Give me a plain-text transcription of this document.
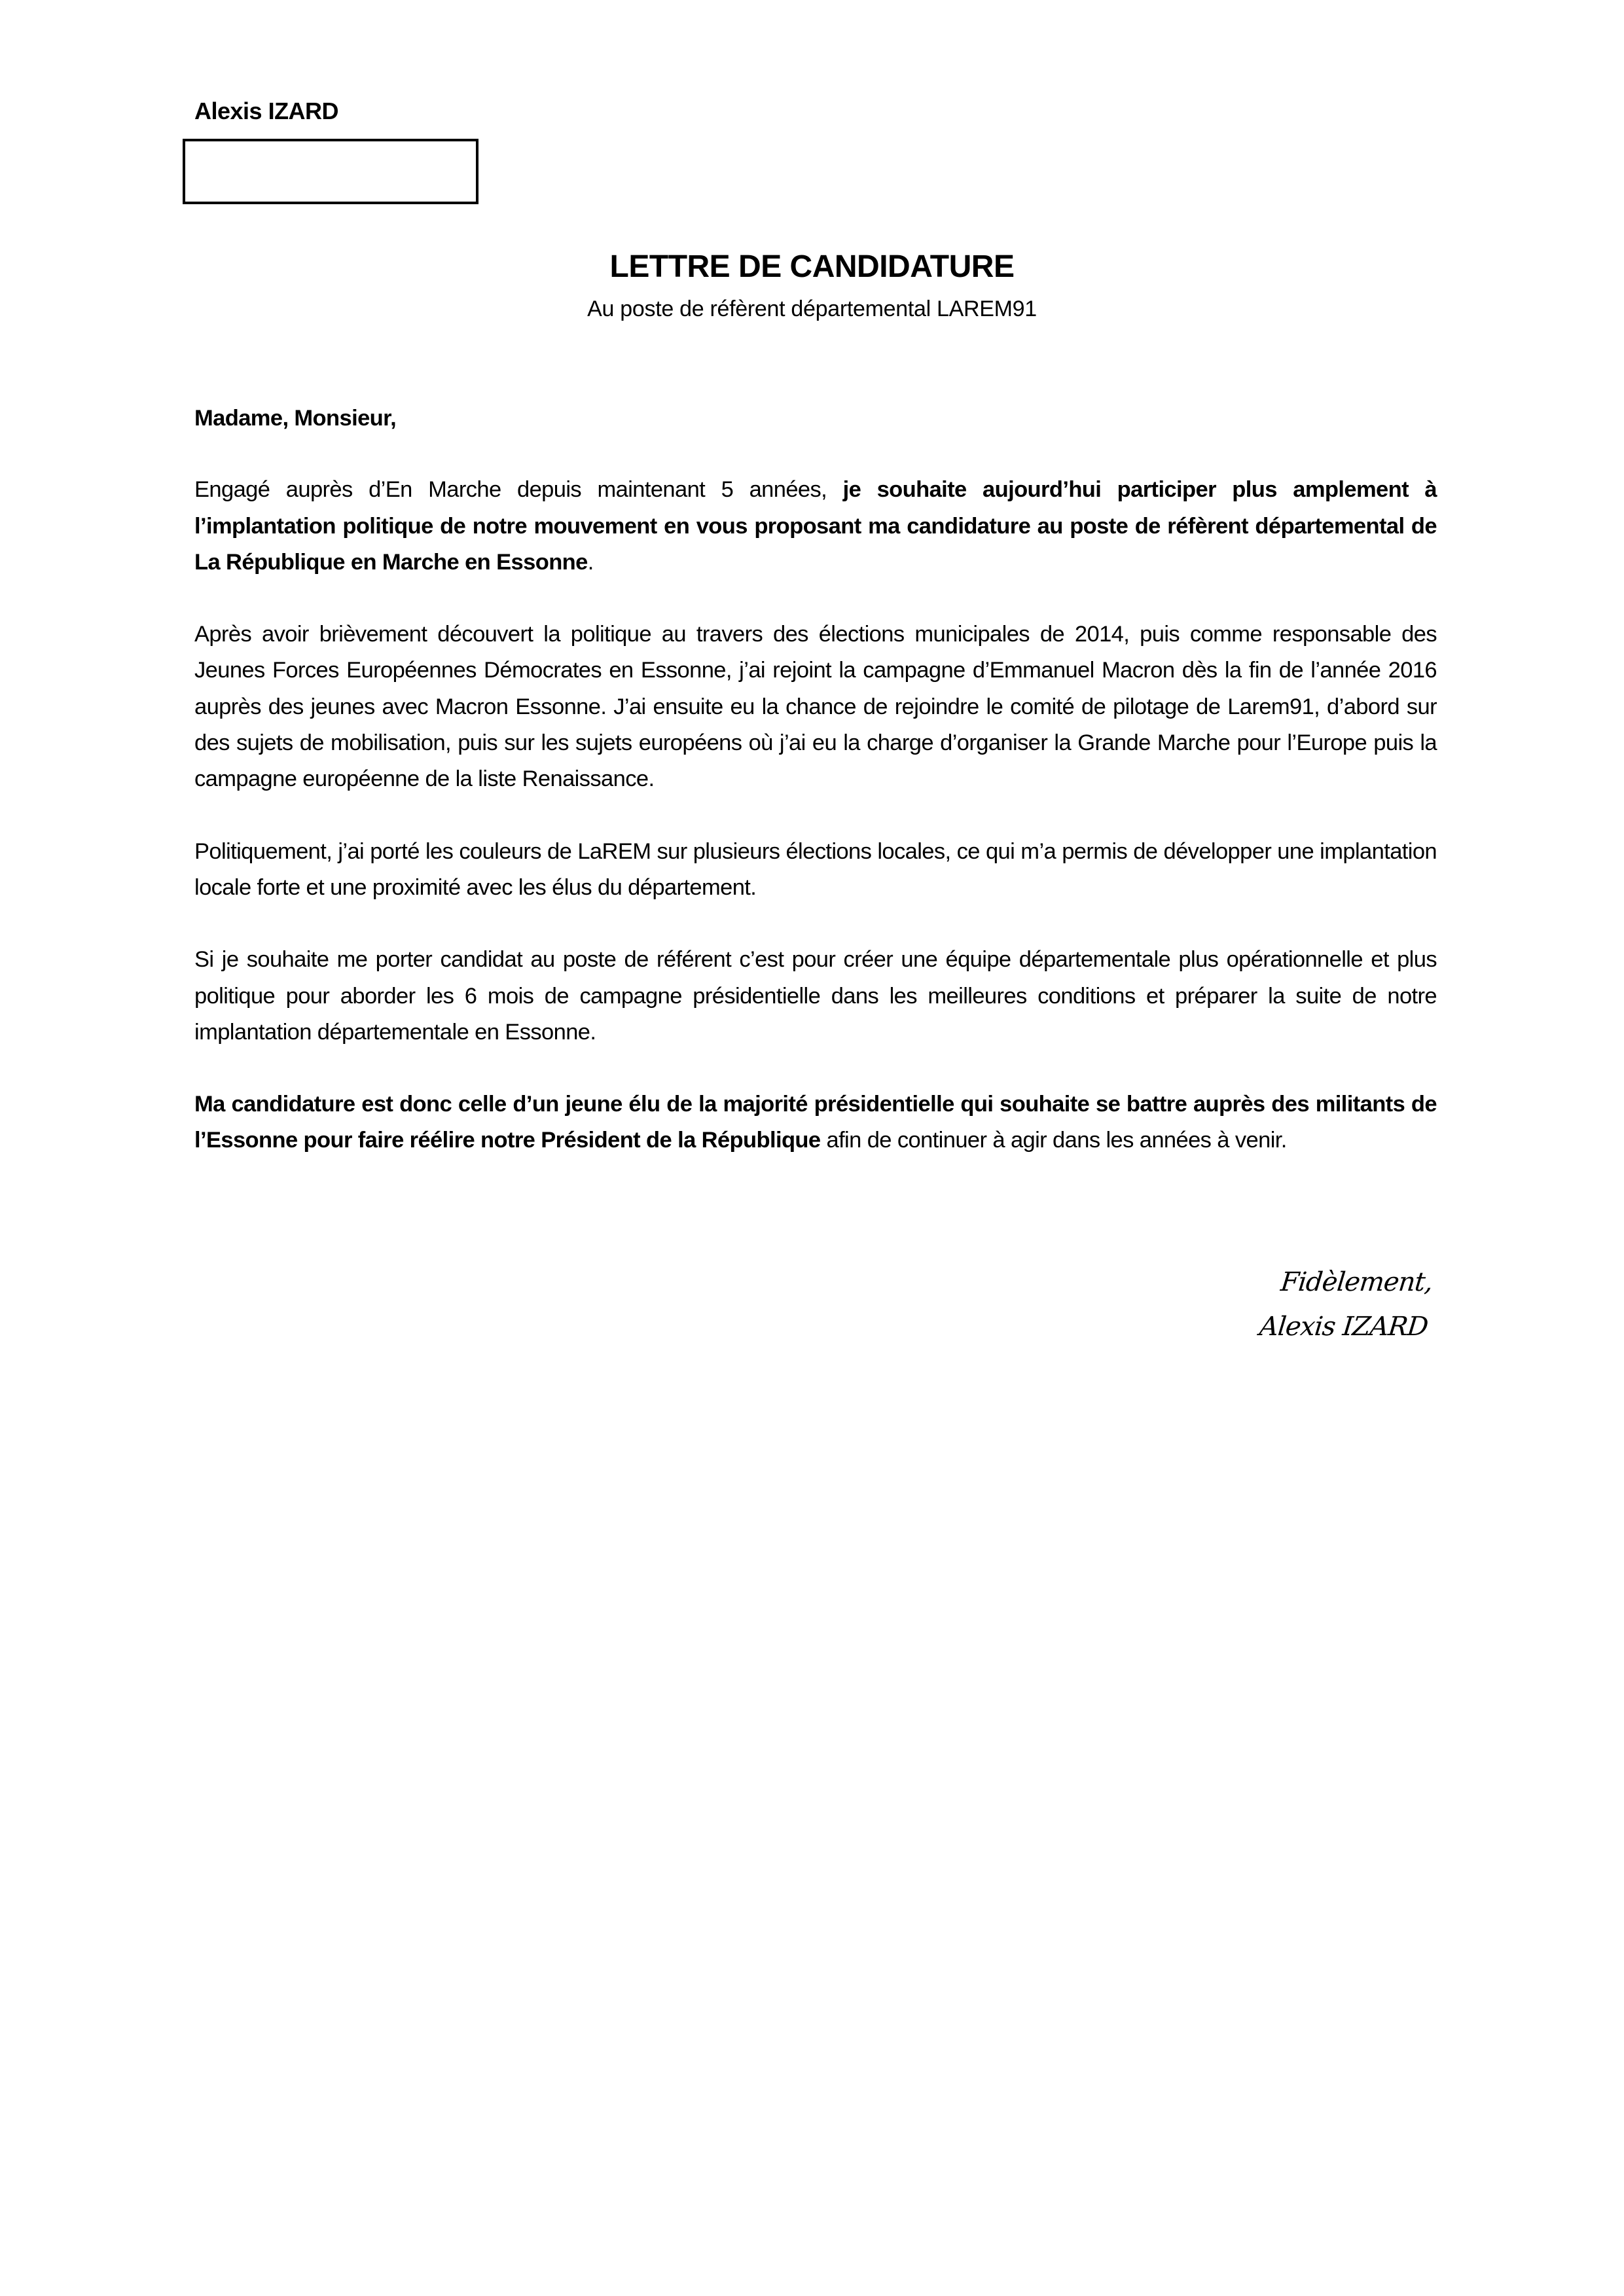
Alexis IZARD
LETTRE DE CANDIDATURE
Au poste de réfèrent départemental LAREM91

Madame, Monsieur,

Engagé auprès d’En Marche depuis maintenant 5 années, je souhaite aujourd’hui participer plus amplement à l’implantation politique de notre mouvement en vous proposant ma candidature au poste de réfèrent départemental de La République en Marche en Essonne.

Après avoir brièvement découvert la politique au travers des élections municipales de 2014, puis comme responsable des Jeunes Forces Européennes Démocrates en Essonne, j’ai rejoint la campagne d’Emmanuel Macron dès la fin de l’année 2016 auprès des jeunes avec Macron Essonne. J’ai ensuite eu la chance de rejoindre le comité de pilotage de Larem91, d’abord sur des sujets de mobilisation, puis sur les sujets européens où j’ai eu la charge d’organiser la Grande Marche pour l’Europe puis la campagne européenne de la liste Renaissance.

Politiquement, j’ai porté les couleurs de LaREM sur plusieurs élections locales, ce qui m’a permis de développer une implantation locale forte et une proximité avec les élus du département.

Si je souhaite me porter candidat au poste de référent c’est pour créer une équipe départementale plus opérationnelle et plus politique pour aborder les 6 mois de campagne présidentielle dans les meilleures conditions et préparer la suite de notre implantation départementale en Essonne.

Ma candidature est donc celle d’un jeune élu de la majorité présidentielle qui souhaite se battre auprès des militants de l’Essonne pour faire réélire notre Président de la République afin de continuer à agir dans les années à venir.

Fidèlement,
Alexis IZARD
